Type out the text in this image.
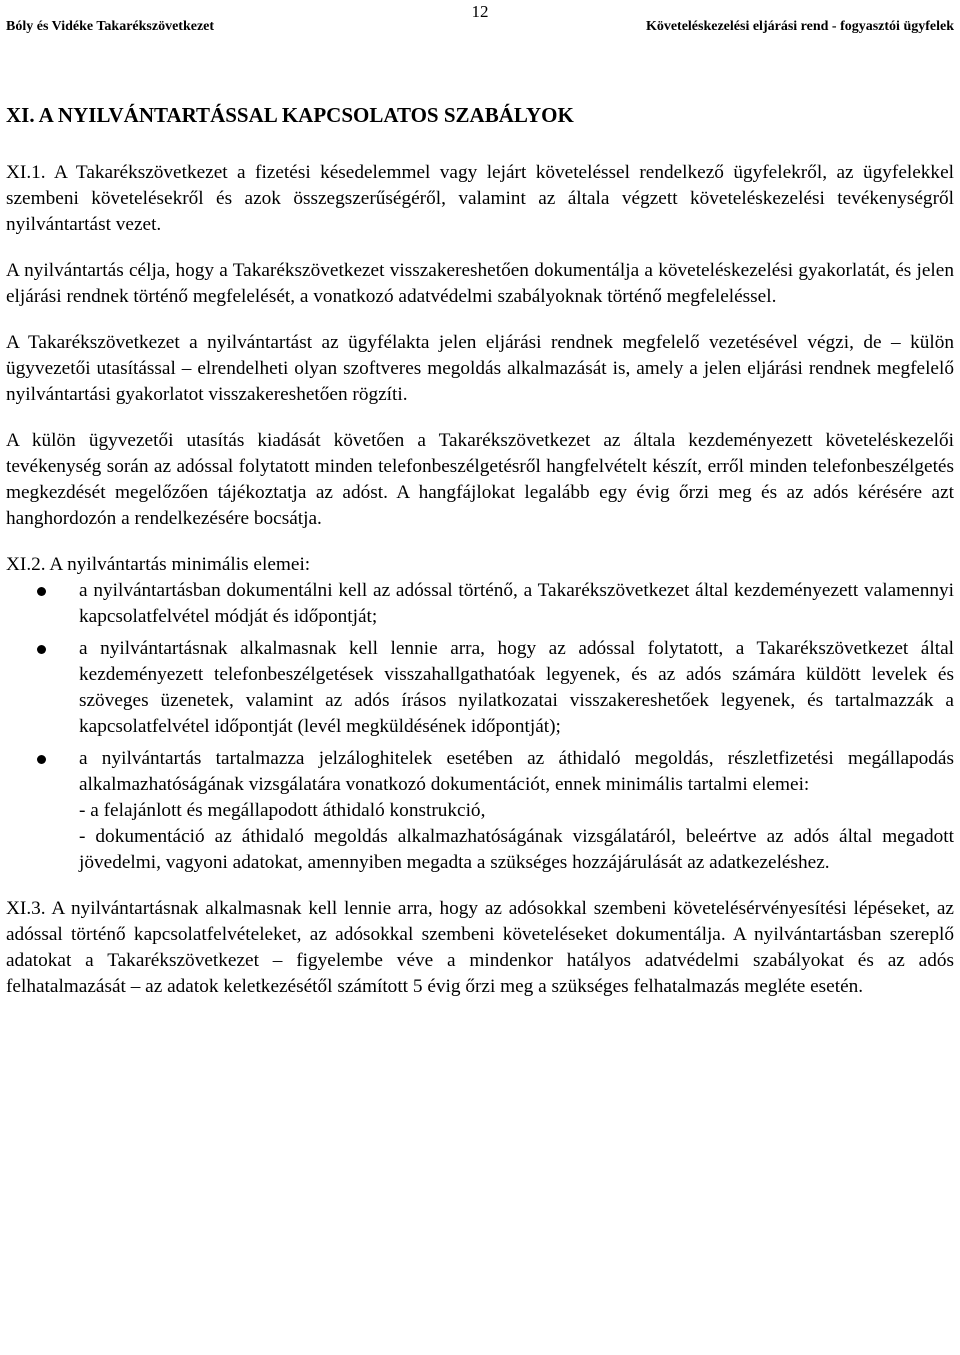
12
Bóly és Vidéke Takarékszövetkezet	Követeléskezelési eljárási rend - fogyasztói ügyfelek
XI. A NYILVÁNTARTÁSSAL KAPCSOLATOS SZABÁLYOK

XI.1. A Takarékszövetkezet a fizetési késedelemmel vagy lejárt követeléssel rendelkező ügyfelekről, az ügyfelekkel szembeni követelésekről és azok összegszerűségéről, valamint az általa végzett követeléskezelési tevékenységről nyilvántartást vezet.

A nyilvántartás célja, hogy a Takarékszövetkezet visszakereshetően dokumentálja a követeléskezelési gyakorlatát, és jelen eljárási rendnek történő megfelelését, a vonatkozó adatvédelmi szabályoknak történő megfeleléssel.

A Takarékszövetkezet a nyilvántartást az ügyfélakta jelen eljárási rendnek megfelelő vezetésével végzi, de – külön ügyvezetői utasítással – elrendelheti olyan szoftveres megoldás alkalmazását is, amely a jelen eljárási rendnek megfelelő nyilvántartási gyakorlatot visszakereshetően rögzíti.

A külön ügyvezetői utasítás kiadását követően a Takarékszövetkezet az általa kezdeményezett követeléskezelői tevékenység során az adóssal folytatott minden telefonbeszélgetésről hangfelvételt készít, erről minden telefonbeszélgetés megkezdését megelőzően tájékoztatja az adóst. A hangfájlokat legalább egy évig őrzi meg és az adós kérésére azt hanghordozón a rendelkezésére bocsátja.

XI.2. A nyilvántartás minimális elemei:

a nyilvántartásban dokumentálni kell az adóssal történő, a Takarékszövetkezet által kezdeményezett valamennyi kapcsolatfelvétel módját és időpontját;
a nyilvántartásnak alkalmasnak kell lennie arra, hogy az adóssal folytatott, a Takarékszövetkezet által kezdeményezett telefonbeszélgetések visszahallgathatóak legyenek, és az adós számára küldött levelek és szöveges üzenetek, valamint az adós írásos nyilatkozatai visszakereshetőek legyenek, és tartalmazzák a kapcsolatfelvétel időpontját (levél megküldésének időpontját);
a nyilvántartás tartalmazza jelzáloghitelek esetében az áthidaló megoldás, részletfizetési megállapodás alkalmazhatóságának vizsgálatára vonatkozó dokumentációt, ennek minimális tartalmi elemei:
- a felajánlott és megállapodott áthidaló konstrukció,
- dokumentáció az áthidaló megoldás alkalmazhatóságának vizsgálatáról, beleértve az adós által megadott jövedelmi, vagyoni adatokat, amennyiben megadta a szükséges hozzájárulását az adatkezeléshez.

XI.3. A nyilvántartásnak alkalmasnak kell lennie arra, hogy az adósokkal szembeni követelésérvényesítési lépéseket, az adóssal történő kapcsolatfelvételeket, az adósokkal szembeni követeléseket dokumentálja. A nyilvántartásban szereplő adatokat a Takarékszövetkezet – figyelembe véve a mindenkor hatályos adatvédelmi szabályokat és az adós felhatalmazását – az adatok keletkezésétől számított 5 évig őrzi meg a szükséges felhatalmazás megléte esetén.
